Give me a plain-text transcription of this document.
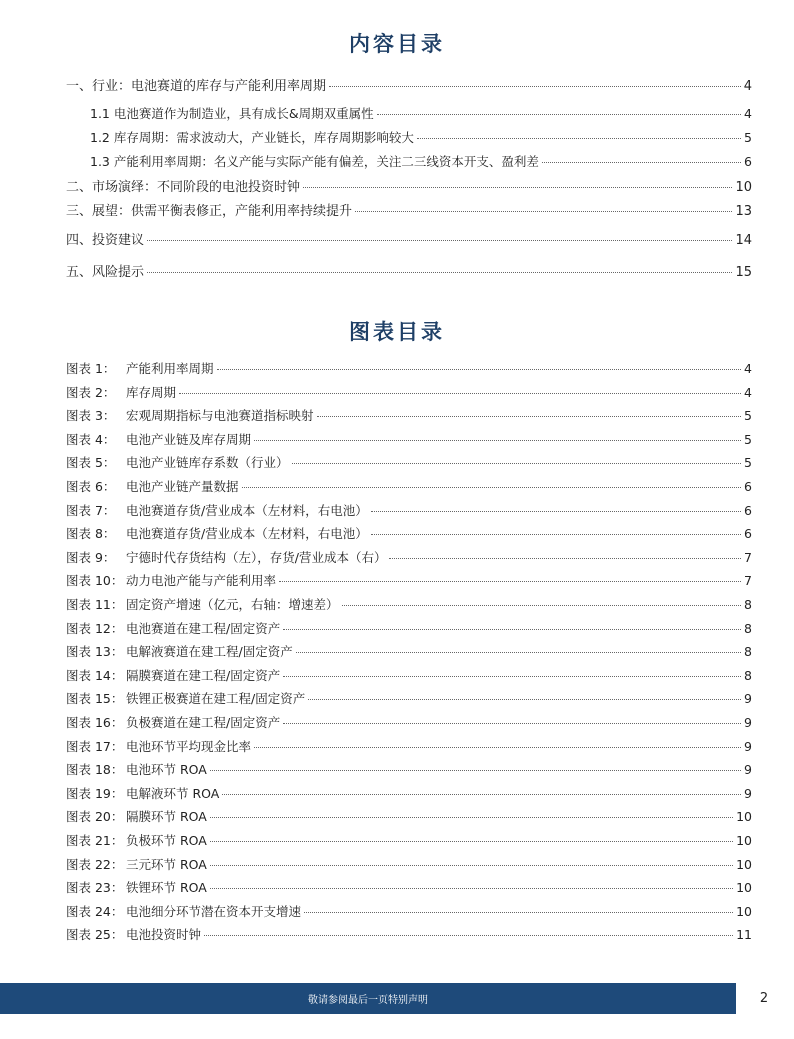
内容目录
一、行业：电池赛道的库存与产能利用率周期	4
1.1 电池赛道作为制造业，具有成长&周期双重属性	4
1.2 库存周期：需求波动大，产业链长，库存周期影响较大	5
1.3 产能利用率周期：名义产能与实际产能有偏差，关注二三线资本开支、盈利差	6
二、市场演绎：不同阶段的电池投资时钟	10
三、展望：供需平衡表修正，产能利用率持续提升	13
四、投资建议	14
五、风险提示	15
图表目录
图表 1： 产能利用率周期	4
图表 2： 库存周期	4
图表 3： 宏观周期指标与电池赛道指标映射	5
图表 4： 电池产业链及库存周期	5
图表 5： 电池产业链库存系数（行业）	5
图表 6： 电池产业链产量数据	6
图表 7： 电池赛道存货/营业成本（左材料，右电池）	6
图表 8： 电池赛道存货/营业成本（左材料，右电池）	6
图表 9： 宁德时代存货结构（左），存货/营业成本（右）	7
图表 10： 动力电池产能与产能利用率	7
图表 11： 固定资产增速（亿元，右轴：增速差）	8
图表 12： 电池赛道在建工程/固定资产	8
图表 13： 电解液赛道在建工程/固定资产	8
图表 14： 隔膜赛道在建工程/固定资产	8
图表 15： 铁锂正极赛道在建工程/固定资产	9
图表 16： 负极赛道在建工程/固定资产	9
图表 17： 电池环节平均现金比率	9
图表 18： 电池环节 ROA	9
图表 19： 电解液环节 ROA	9
图表 20： 隔膜环节 ROA	10
图表 21： 负极环节 ROA	10
图表 22： 三元环节 ROA	10
图表 23： 铁锂环节 ROA	10
图表 24： 电池细分环节潜在资本开支增速	10
图表 25： 电池投资时钟	11
敬请参阅最后一页特别声明	2
